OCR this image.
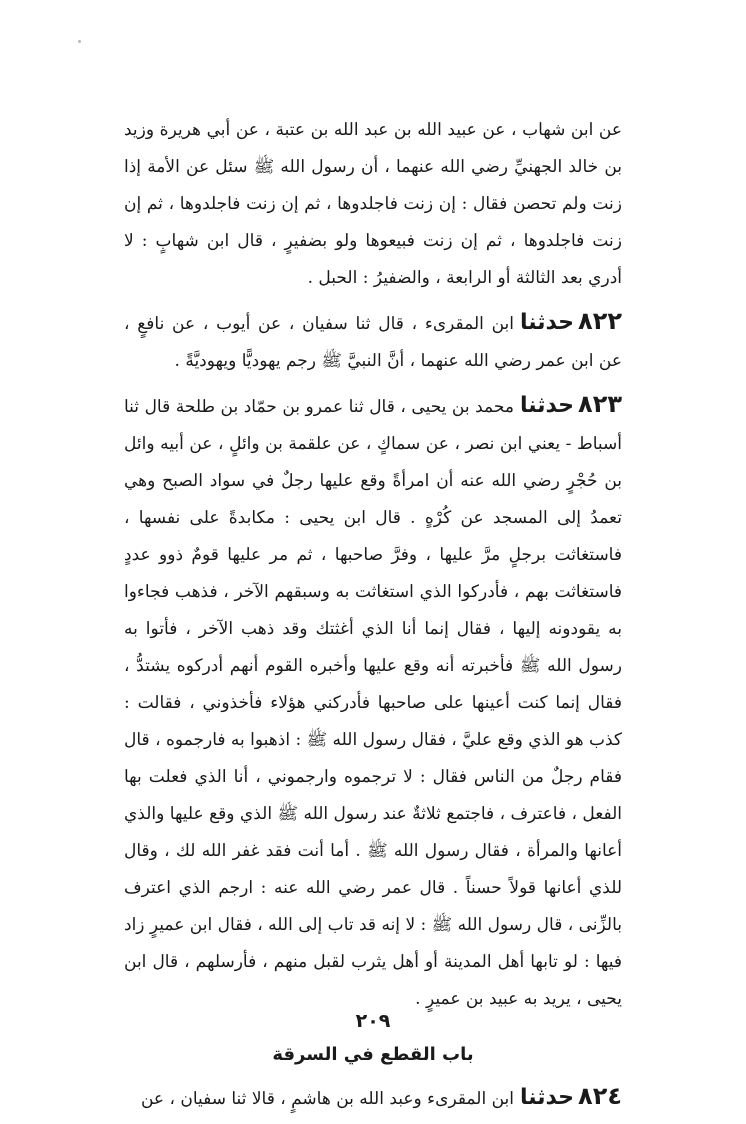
عن ابن شهاب ، عن عبيد الله بن عبد الله بن عتبة ، عن أبي هريرة وزيد بن خالد الجهنيِّ رضي الله عنهما ، أن رسول الله ﷺ سئل عن الأمة إذا زنت ولم تحصن فقال : إن زنت فاجلدوها ، ثم إن زنت فاجلدوها ، ثم إن زنت فاجلدوها ، ثم إن زنت فبيعوها ولو بضفيرٍ ، قال ابن شهابٍ : لا أدري بعد الثالثة أو الرابعة ، والضفيرُ : الحبل .

٨٢٢حدثناابن المقرىء ، قال ثنا سفيان ، عن أيوب ، عن نافعٍ ، عن ابن عمر رضي الله عنهما ، أنَّ النبيَّ ﷺ رجم يهوديًّا ويهوديَّةً .

٨٢٣حدثنامحمد بن يحيى ، قال ثنا عمرو بن حمّاد بن طلحة قال ثنا أسباط - يعني ابن نصر ، عن سماكٍ ، عن علقمة بن وائلٍ ، عن أبيه وائل بن حُجْرٍ رضي الله عنه أن امرأةً وقع عليها رجلٌ في سواد الصبح وهي تعمدُ إلى المسجد عن كُرْهٍ . قال ابن يحيى : مكابدةً على نفسها ، فاستغاثت برجلٍ مرَّ عليها ، وفرَّ صاحبها ، ثم مر عليها قومٌ ذوو عددٍ فاستغاثت بهم ، فأدركوا الذي استغاثت به وسبقهم الآخر ، فذهب فجاءوا به يقودونه إليها ، فقال إنما أنا الذي أغثتك وقد ذهب الآخر ، فأتوا به رسول الله ﷺ فأخبرته أنه وقع عليها وأخبره القوم أنهم أدركوه يشتدُّ ، فقال إنما كنت أعينها على صاحبها فأدركني هؤلاء فأخذوني ، فقالت : كذب هو الذي وقع عليَّ ، فقال رسول الله ﷺ : اذهبوا به فارجموه ، قال فقام رجلٌ من الناس فقال : لا ترجموه وارجموني ، أنا الذي فعلت بها الفعل ، فاعترف ، فاجتمع ثلاثةٌ عند رسول الله ﷺ الذي وقع عليها والذي أعانها والمرأة ، فقال رسول الله ﷺ . أما أنت فقد غفر الله لك ، وقال للذي أعانها قولاً حسناً . قال عمر رضي الله عنه : ارجم الذي اعترف بالزِّنى ، قال رسول الله ﷺ : لا إنه قد تاب إلى الله ، فقال ابن عميرٍ زاد فيها : لو تابها أهل المدينة أو أهل يثرب لقبل منهم ، فأرسلهم ، قال ابن يحيى ، يريد به عبيد بن عميرٍ .

باب القطع في السرقة

٨٢٤حدثناابن المقرىء وعبد الله بن هاشمٍ ، قالا ثنا سفيان ، عن

٢٠٩
